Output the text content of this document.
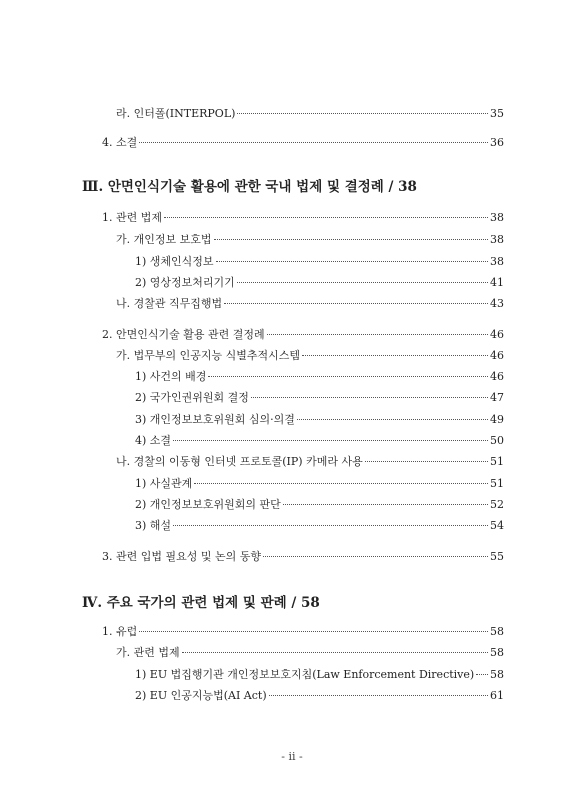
라. 인터폴(INTERPOL)	35
4. 소결	36
Ⅲ. 안면인식기술 활용에 관한 국내 법제 및 결정례 / 38
1. 관련 법제	38
가. 개인정보 보호법	38
1) 생체인식정보	38
2) 영상정보처리기기	41
나. 경찰관 직무집행법	43
2. 안면인식기술 활용 관련 결정례	46
가. 법무부의 인공지능 식별추적시스템	46
1) 사건의 배경	46
2) 국가인권위원회 결정	47
3) 개인정보보호위원회 심의·의결	49
4) 소결	50
나. 경찰의 이동형 인터넷 프로토콜(IP) 카메라 사용	51
1) 사실관계	51
2) 개인정보보호위원회의 판단	52
3) 해설	54
3. 관련 입법 필요성 및 논의 동향	55
Ⅳ. 주요 국가의 관련 법제 및 판례 / 58
1. 유럽	58
가. 관련 법제	58
1) EU 법집행기관 개인정보보호지침(Law Enforcement Directive) 58
2) EU 인공지능법(AI Act)	61
- ii -
